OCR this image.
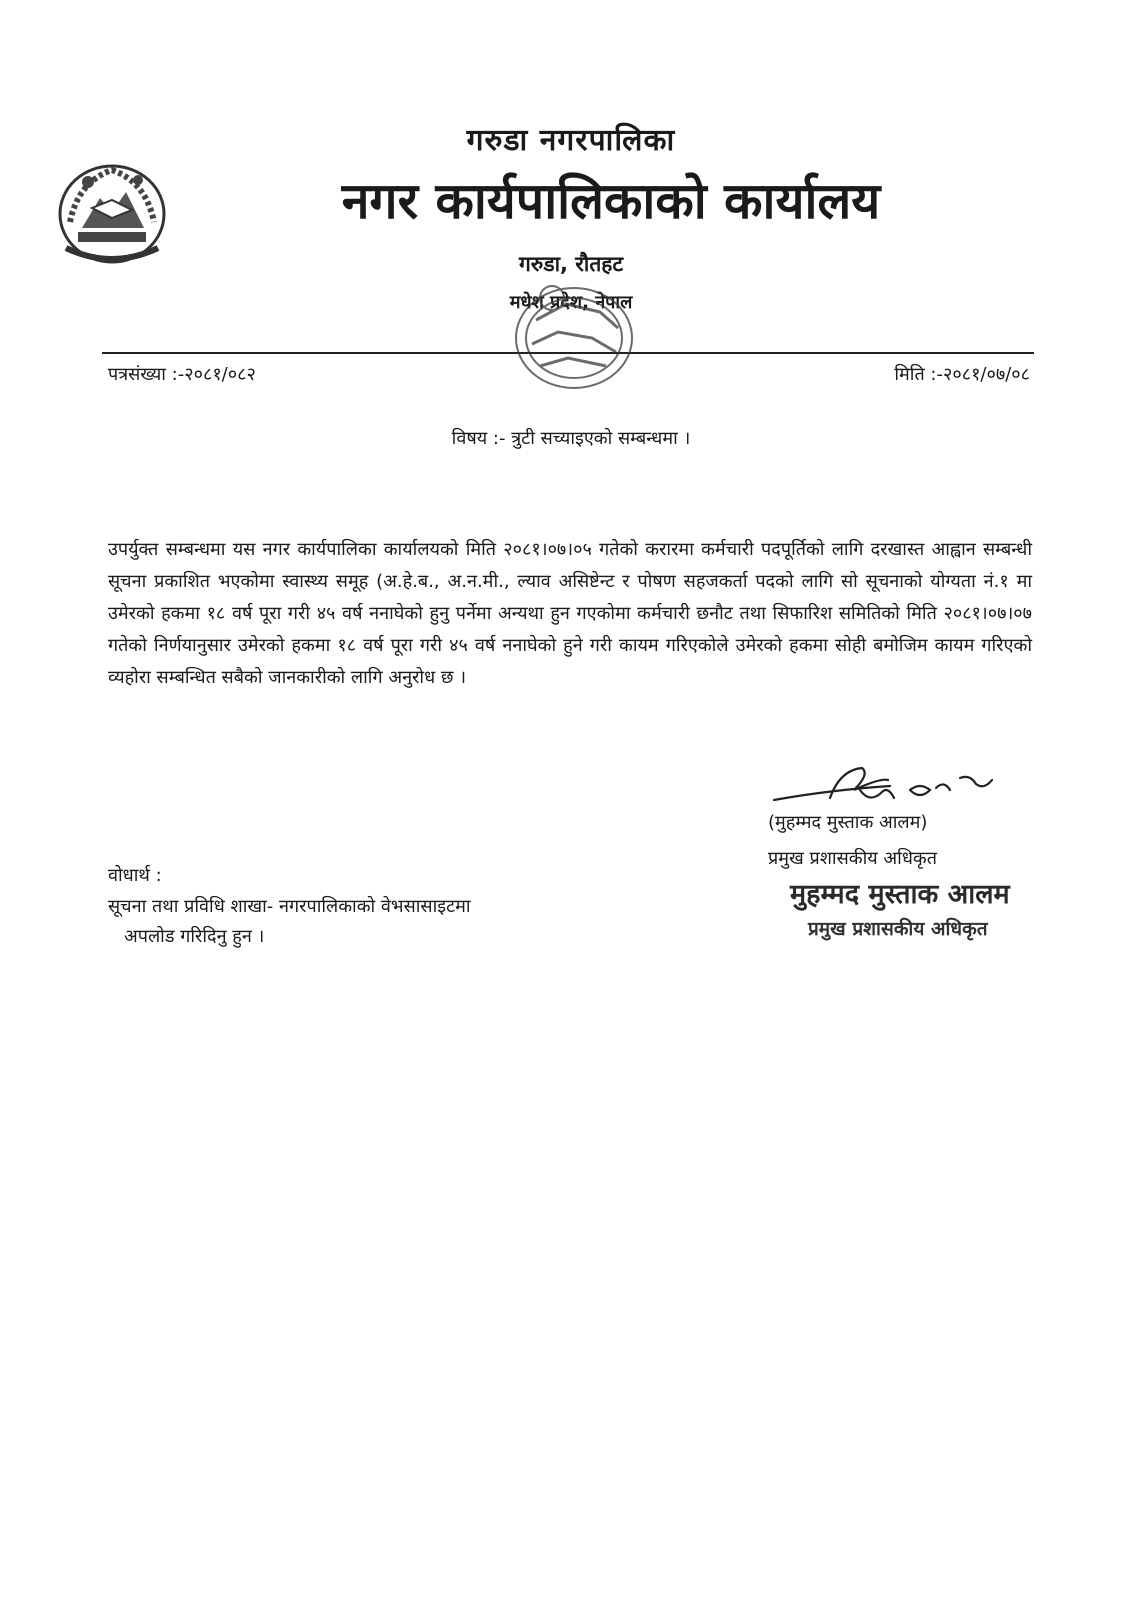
गरुडा नगरपालिका
नगर कार्यपालिकाको कार्यालय
गरुडा, रौतहट
मधेश प्रदेश, नेपाल
पत्रसंख्या :-२०८१/०८२	मिति :-२०८१/०७/०८
विषय :- त्रुटी सच्याइएको सम्बन्धमा ।

उपर्युक्त सम्बन्धमा यस नगर कार्यपालिका कार्यालयको मिति २०८१।०७।०५ गतेको करारमा कर्मचारी पदपूर्तिको लागि दरखास्त आह्वान सम्बन्धी सूचना प्रकाशित भएकोमा स्वास्थ्य समूह (अ.हे.ब., अ.न.मी., ल्याव असिष्टेन्ट र पोषण सहजकर्ता पदको लागि सो सूचनाको योग्यता नं.१ मा उमेरको हकमा १८ वर्ष पूरा गरी ४५ वर्ष ननाघेको हुनु पर्नेमा अन्यथा हुन गएकोमा कर्मचारी छनौट तथा सिफारिश समितिको मिति २०८१।०७।०७ गतेको निर्णयानुसार उमेरको हकमा १८ वर्ष पूरा गरी ४५ वर्ष ननाघेको हुने गरी कायम गरिएकोले उमेरको हकमा सोही बमोजिम कायम गरिएको व्यहोरा सम्बन्धित सबैको जानकारीको लागि अनुरोध छ ।

(मुहम्मद मुस्ताक आलम)
प्रमुख प्रशासकीय अधिकृत
मुहम्मद मुस्ताक आलम
प्रमुख प्रशासकीय अधिकृत
वोधार्थ :
सूचना तथा प्रविधि शाखा- नगरपालिकाको वेभसासाइटमा
अपलोड गरिदिनु हुन ।
